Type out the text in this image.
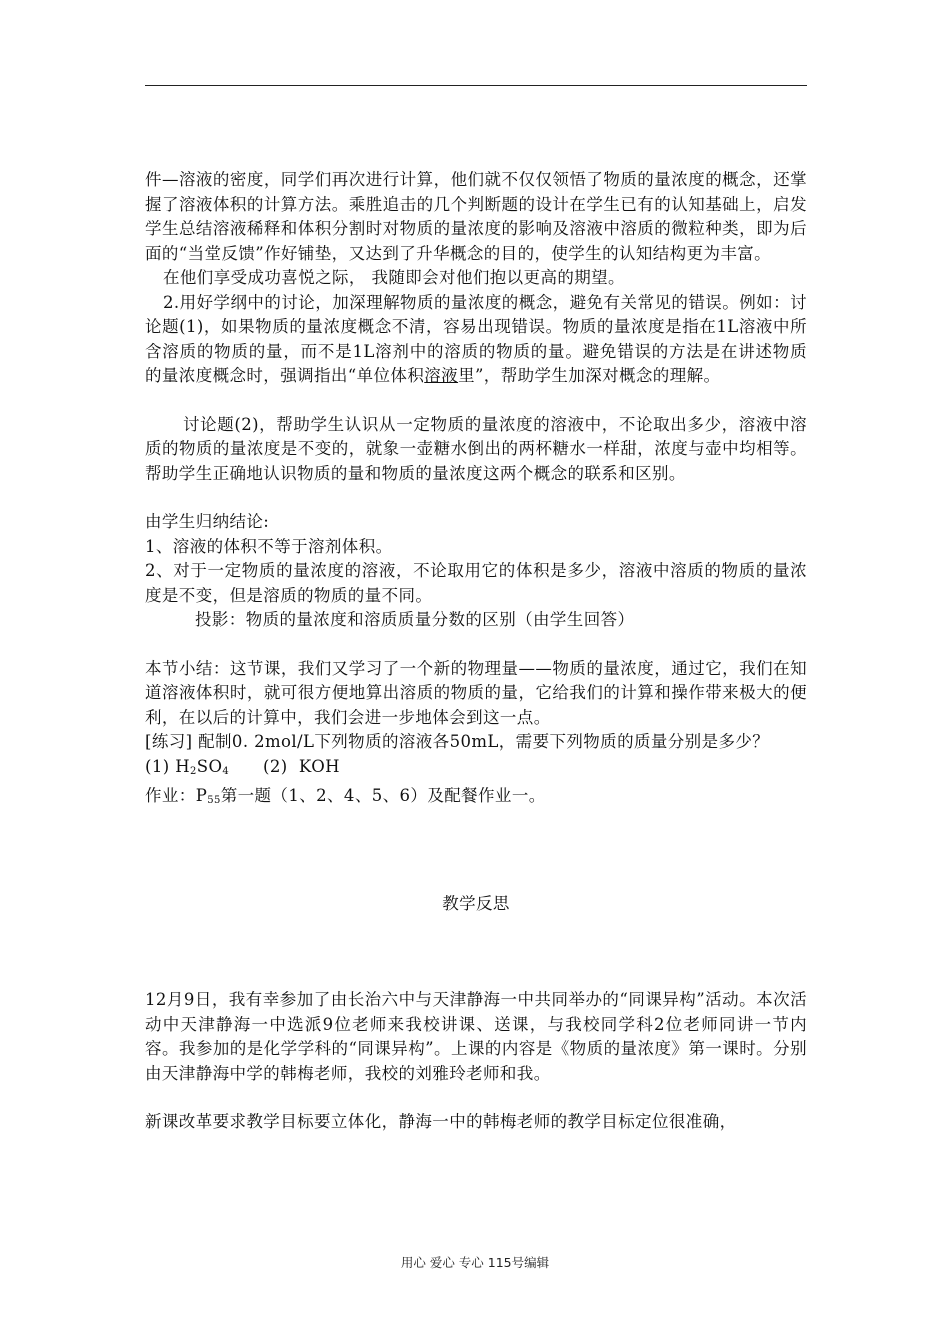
件—溶液的密度，同学们再次进行计算，他们就不仅仅领悟了物质的量浓度的概念，还掌握了溶液体积的计算方法。乘胜追击的几个判断题的设计在学生已有的认知基础上，启发学生总结溶液稀释和体积分割时对物质的量浓度的影响及溶液中溶质的微粒种类，即为后面的“当堂反馈”作好铺垫，又达到了升华概念的目的，使学生的认知结构更为丰富。

在他们享受成功喜悦之际， 我随即会对他们抱以更高的期望。

2.用好学纲中的讨论，加深理解物质的量浓度的概念，避免有关常见的错误。例如：讨论题(1)，如果物质的量浓度概念不清，容易出现错误。物质的量浓度是指在1L溶液中所含溶质的物质的量，而不是1L溶剂中的溶质的物质的量。避免错误的方法是在讲述物质的量浓度概念时，强调指出“单位体积溶液里”，帮助学生加深对概念的理解。

讨论题(2)，帮助学生认识从一定物质的量浓度的溶液中，不论取出多少，溶液中溶质的物质的量浓度是不变的，就象一壶糖水倒出的两杯糖水一样甜，浓度与壶中均相等。帮助学生正确地认识物质的量和物质的量浓度这两个概念的联系和区别。

由学生归纳结论:

1、溶液的体积不等于溶剂体积。

2、对于一定物质的量浓度的溶液，不论取用它的体积是多少，溶液中溶质的物质的量浓度是不变，但是溶质的物质的量不同。

投影：物质的量浓度和溶质质量分数的区别（由学生回答）

本节小结：这节课，我们又学习了一个新的物理量——物质的量浓度，通过它，我们在知道溶液体积时，就可很方便地算出溶质的物质的量，它给我们的计算和操作带来极大的便利，在以后的计算中，我们会进一步地体会到这一点。

[练习] 配制0. 2mol/L下列物质的溶液各50mL，需要下列物质的质量分别是多少？

(1) $H_2SO_4$      (2)  KOH

作业：$P_{55}$第一题（1、2、4、5、6）及配餐作业一。

教学反思

12月9日，我有幸参加了由长治六中与天津静海一中共同举办的“同课异构”活动。本次活动中天津静海一中选派9位老师来我校讲课、送课，与我校同学科2位老师同讲一节内容。我参加的是化学学科的“同课异构”。上课的内容是《物质的量浓度》第一课时。分别由天津静海中学的韩梅老师，我校的刘雅玲老师和我。

新课改革要求教学目标要立体化，静海一中的韩梅老师的教学目标定位很准确，

用心 爱心 专心 115号编辑
